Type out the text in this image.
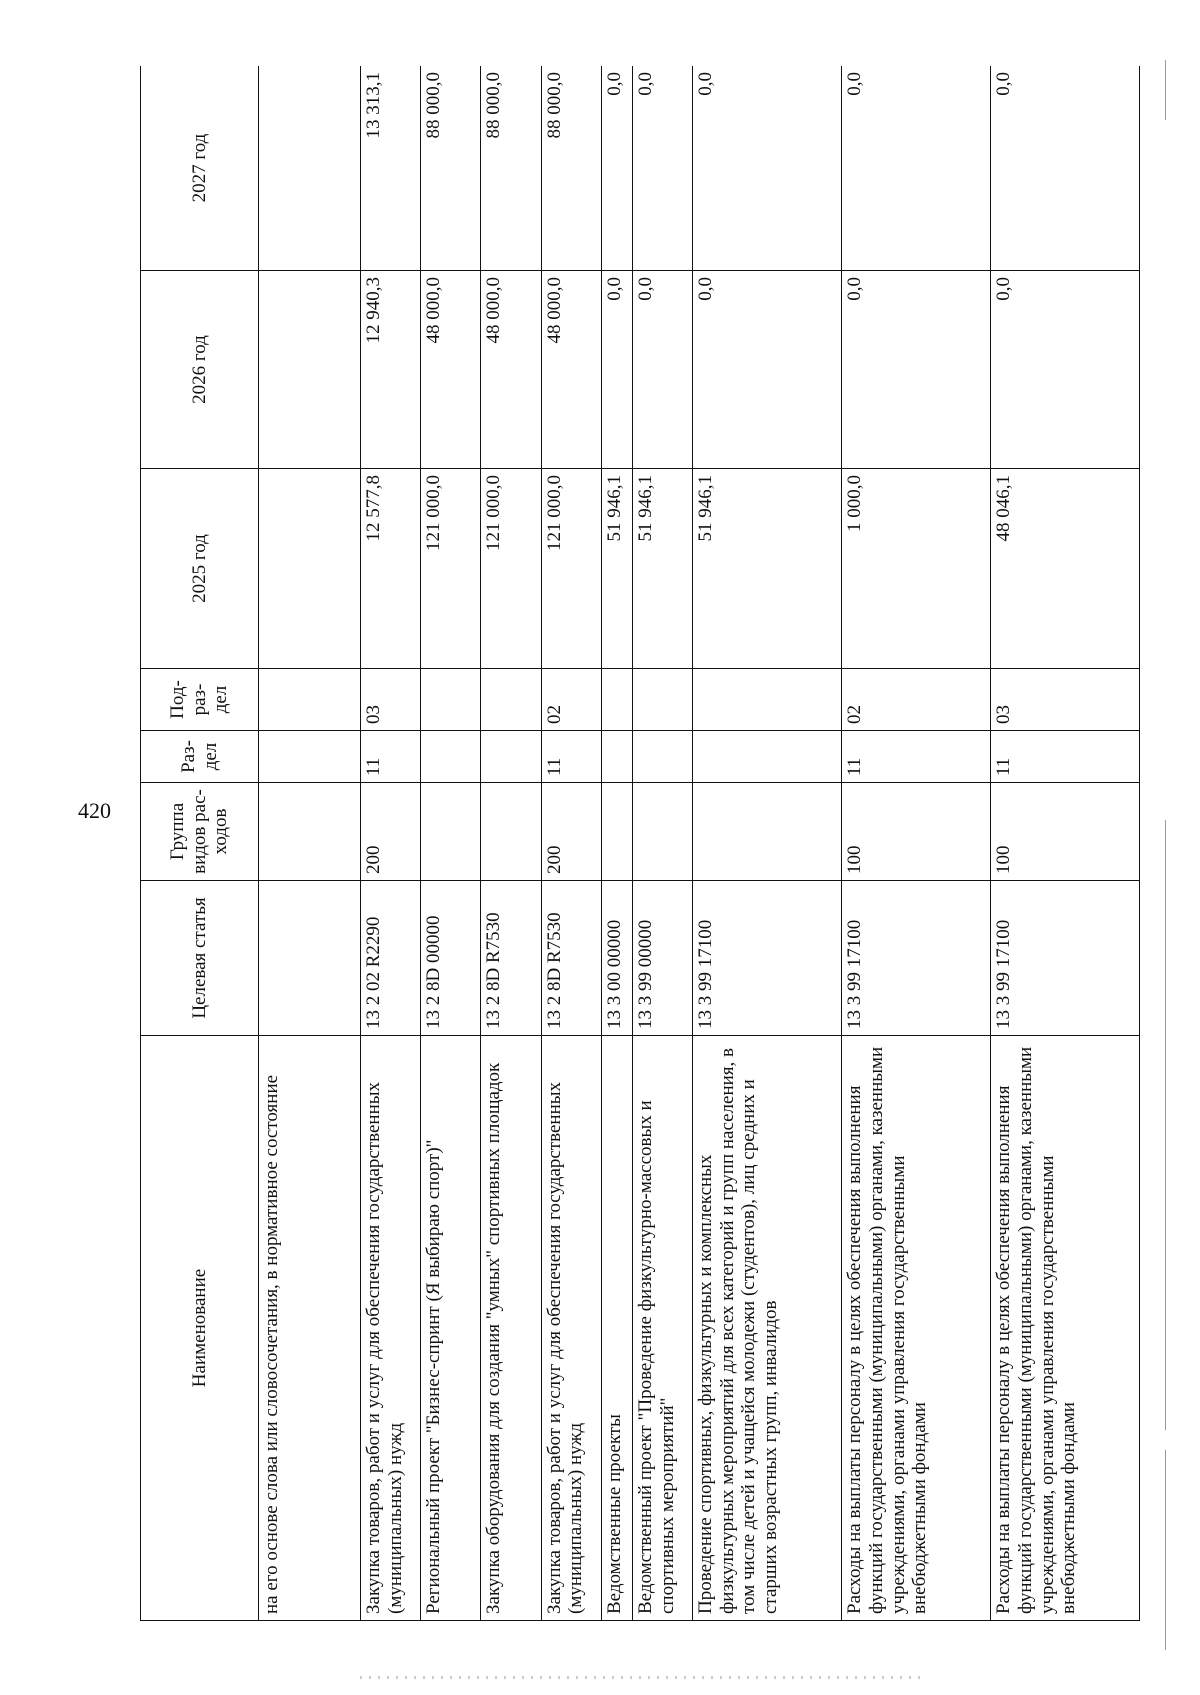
420
Наименование	Целевая статья	Группа видов рас-ходов	Раз-дел	Под-раз-дел	2025 год	2026 год	2027 год
на его основе слова или словосочетания, в нормативное состояние							
Закупка товаров, работ и услуг для обеспечения государственных (муниципальных) нужд	13 2 02 R2290	200	11	03	12 577,8	12 940,3	13 313,1
Региональный проект "Бизнес-спринт (Я выбираю спорт)"	13 2 8D 00000				121 000,0	48 000,0	88 000,0
Закупка оборудования для создания "умных" спортивных площадок	13 2 8D R7530				121 000,0	48 000,0	88 000,0
Закупка товаров, работ и услуг для обеспечения государственных (муниципальных) нужд	13 2 8D R7530	200	11	02	121 000,0	48 000,0	88 000,0
Ведомственные проекты	13 3 00 00000				51 946,1	0,0	0,0
Ведомственный проект "Проведение физкультурно-массовых и спортивных мероприятий"	13 3 99 00000				51 946,1	0,0	0,0
Проведение спортивных, физкультурных и комплексных физкультурных мероприятий для всех категорий и групп населения, в том числе детей и учащейся молодежи (студентов), лиц средних и старших возрастных групп, инвалидов	13 3 99 17100				51 946,1	0,0	0,0
Расходы на выплаты персоналу в целях обеспечения выполнения функций государственными (муниципальными) органами, казенными учреждениями, органами управления государственными внебюджетными фондами	13 3 99 17100	100	11	02	1 000,0	0,0	0,0
Расходы на выплаты персоналу в целях обеспечения выполнения функций государственными (муниципальными) органами, казенными учреждениями, органами управления государственными внебюджетными фондами	13 3 99 17100	100	11	03	48 046,1	0,0	0,0
